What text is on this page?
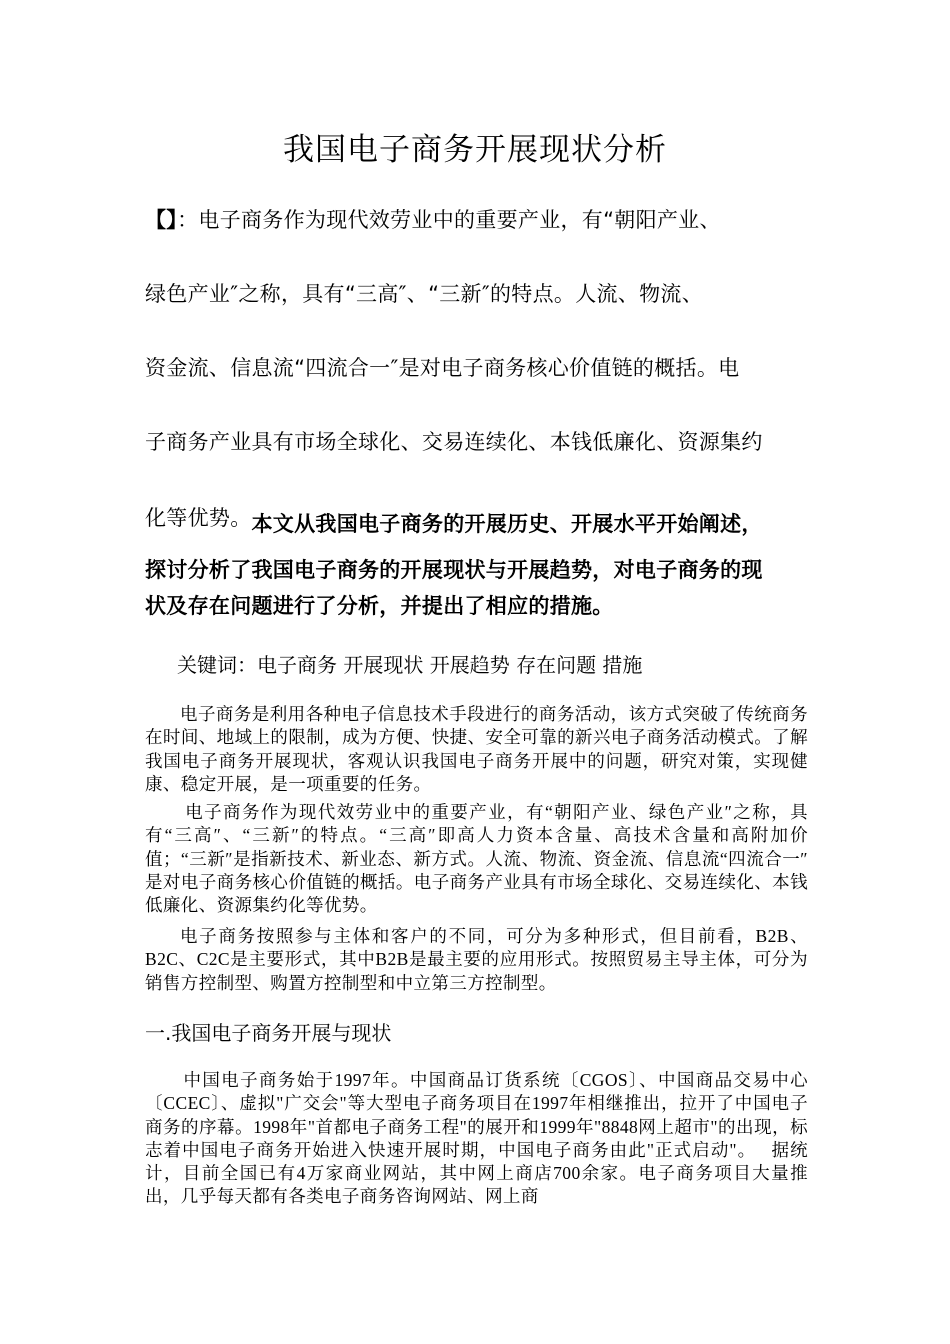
我国电子商务开展现状分析
【】：电子商务作为现代效劳业中的重要产业，有“朝阳产业、
绿色产业″之称，具有“三高″、“三新″的特点。人流、物流、
资金流、信息流“四流合一″是对电子商务核心价值链的概括。电
子商务产业具有市场全球化、交易连续化、本钱低廉化、资源集约
化等优势。本文从我国电子商务的开展历史、开展水平开始阐述，
探讨分析了我国电子商务的开展现状与开展趋势，对电子商务的现
状及存在问题进行了分析，并提出了相应的措施。
关键词：电子商务 开展现状 开展趋势 存在问题 措施
电子商务是利用各种电子信息技术手段进行的商务活动，该方式突破了传统商务在时间、地域上的限制，成为方便、快捷、安全可靠的新兴电子商务活动模式。了解我国电子商务开展现状，客观认识我国电子商务开展中的问题，研究对策，实现健康、稳定开展，是一项重要的任务。
电子商务作为现代效劳业中的重要产业，有“朝阳产业、绿色产业″之称，具有“三高″、“三新″的特点。“三高″即高人力资本含量、高技术含量和高附加价值；“三新″是指新技术、新业态、新方式。人流、物流、资金流、信息流“四流合一″是对电子商务核心价值链的概括。电子商务产业具有市场全球化、交易连续化、本钱低廉化、资源集约化等优势。
电子商务按照参与主体和客户的不同，可分为多种形式，但目前看，B2B、B2C、C2C是主要形式，其中B2B是最主要的应用形式。按照贸易主导主体，可分为销售方控制型、购置方控制型和中立第三方控制型。
一.我国电子商务开展与现状
中国电子商务始于1997年。中国商品订货系统〔CGOS〕、中国商品交易中心〔CCEC〕、虚拟"广交会"等大型电子商务项目在1997年相继推出，拉开了中国电子商务的序幕。1998年"首都电子商务工程"的展开和1999年"8848网上超市"的出现，标志着中国电子商务开始进入快速开展时期，中国电子商务由此"正式启动"。　 据统计，目前全国已有4万家商业网站，其中网上商店700余家。电子商务项目大量推出，几乎每天都有各类电子商务咨询网站、网上商
